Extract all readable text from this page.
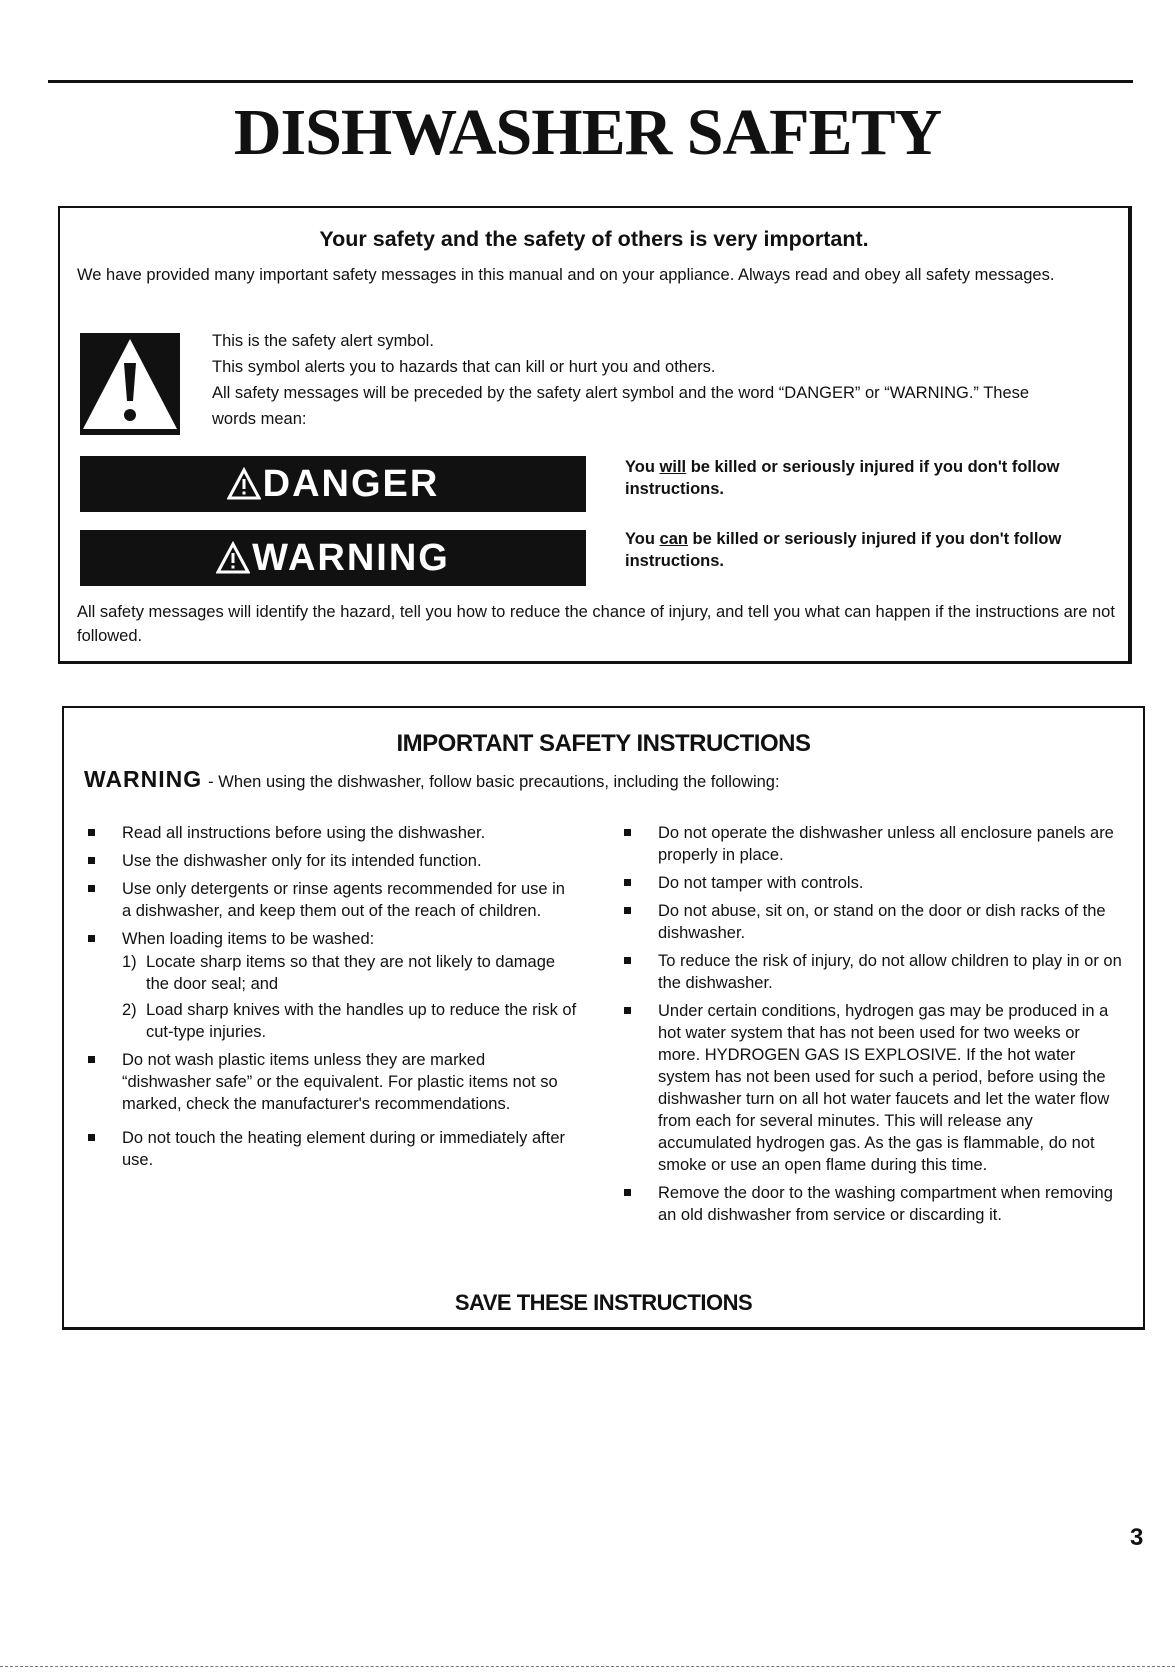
DISHWASHER SAFETY
Your safety and the safety of others is very important.

We have provided many important safety messages in this manual and on your appliance. Always read and obey all safety messages.

This is the safety alert symbol.
This symbol alerts you to hazards that can kill or hurt you and others.
All safety messages will be preceded by the safety alert symbol and the word “DANGER” or “WARNING.” These words mean:
DANGER	You will be killed or seriously injured if you don't follow instructions.
WARNING	You can be killed or seriously injured if you don't follow instructions.

All safety messages will identify the hazard, tell you how to reduce the chance of injury, and tell you what can happen if the instructions are not followed.

IMPORTANT SAFETY INSTRUCTIONS
WARNING - When using the dishwasher, follow basic precautions, including the following:
Read all instructions before using the dishwasher.
Use the dishwasher only for its intended function.
Use only detergents or rinse agents recommended for use in a dishwasher, and keep them out of the reach of children.
When loading items to be washed:
1) Locate sharp items so that they are not likely to damage the door seal; and
2) Load sharp knives with the handles up to reduce the risk of cut-type injuries.
Do not wash plastic items unless they are marked “dishwasher safe” or the equivalent. For plastic items not so marked, check the manufacturer's recommendations.
Do not touch the heating element during or immediately after use.
Do not operate the dishwasher unless all enclosure panels are properly in place.
Do not tamper with controls.
Do not abuse, sit on, or stand on the door or dish racks of the dishwasher.
To reduce the risk of injury, do not allow children to play in or on the dishwasher.
Under certain conditions, hydrogen gas may be produced in a hot water system that has not been used for two weeks or more. HYDROGEN GAS IS EXPLOSIVE. If the hot water system has not been used for such a period, before using the dishwasher turn on all hot water faucets and let the water flow from each for several minutes. This will release any accumulated hydrogen gas. As the gas is flammable, do not smoke or use an open flame during this time.
Remove the door to the washing compartment when removing an old dishwasher from service or discarding it.
SAVE THESE INSTRUCTIONS
3
